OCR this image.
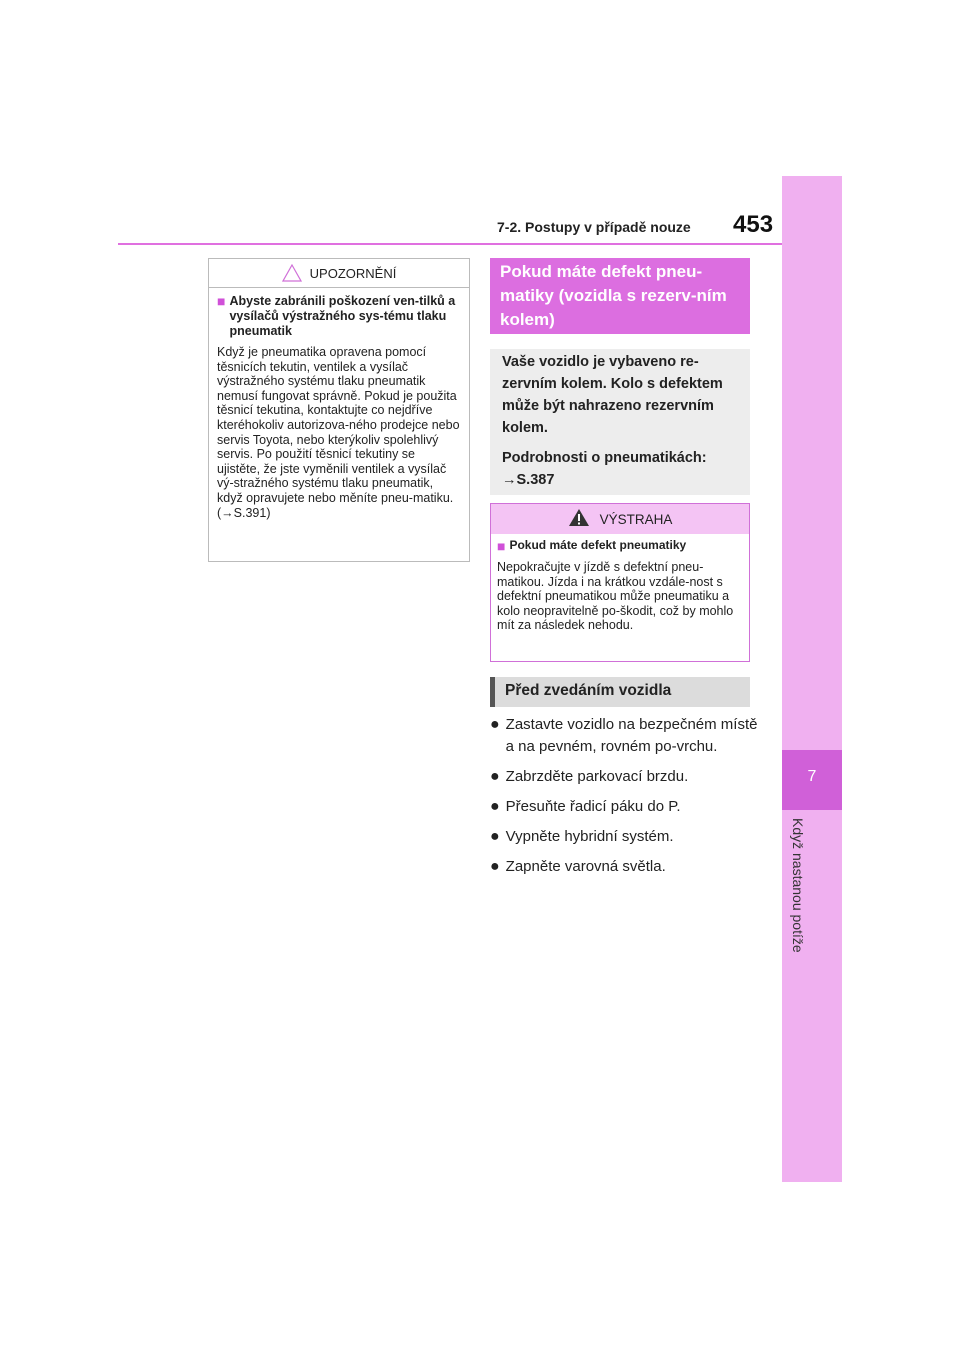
7
Když nastanou potíže
7-2. Postupy v případě nouze 453
UPOZORNĚNÍ
■ Abyste zabránili poškození ven-tilků a vysílačů výstražného sys-tému tlaku pneumatik
Když je pneumatika opravena pomocí těsnicích tekutin, ventilek a vysílač výstražného systému tlaku pneumatik nemusí fungovat správně. Pokud je použita těsnicí tekutina, kontaktujte co nejdříve kteréhokoliv autorizova-ného prodejce nebo servis Toyota, nebo kterýkoliv spolehlivý servis. Po použití těsnicí tekutiny se ujistěte, že jste vyměnili ventilek a vysílač vý-stražného systému tlaku pneumatik, když opravujete nebo měníte pneu-matiku. (→S.391)
Pokud máte defekt pneu-matiky (vozidla s rezerv-ním kolem)

Vaše vozidlo je vybaveno re-zervním kolem. Kolo s defektem může být nahrazeno rezervním kolem.

Podrobnosti o pneumatikách:

→S.387

VÝSTRAHA
■ Pokud máte defekt pneumatiky
Nepokračujte v jízdě s defektní pneu-matikou. Jízda i na krátkou vzdále-nost s defektní pneumatikou může pneumatiku a kolo neopravitelně po-škodit, což by mohlo mít za následek nehodu.
Před zvedáním vozidla
● Zastavte vozidlo na bezpečném místě a na pevném, rovném po-vrchu.
● Zabrzděte parkovací brzdu.
● Přesuňte řadicí páku do P.
● Vypněte hybridní systém.
● Zapněte varovná světla.
